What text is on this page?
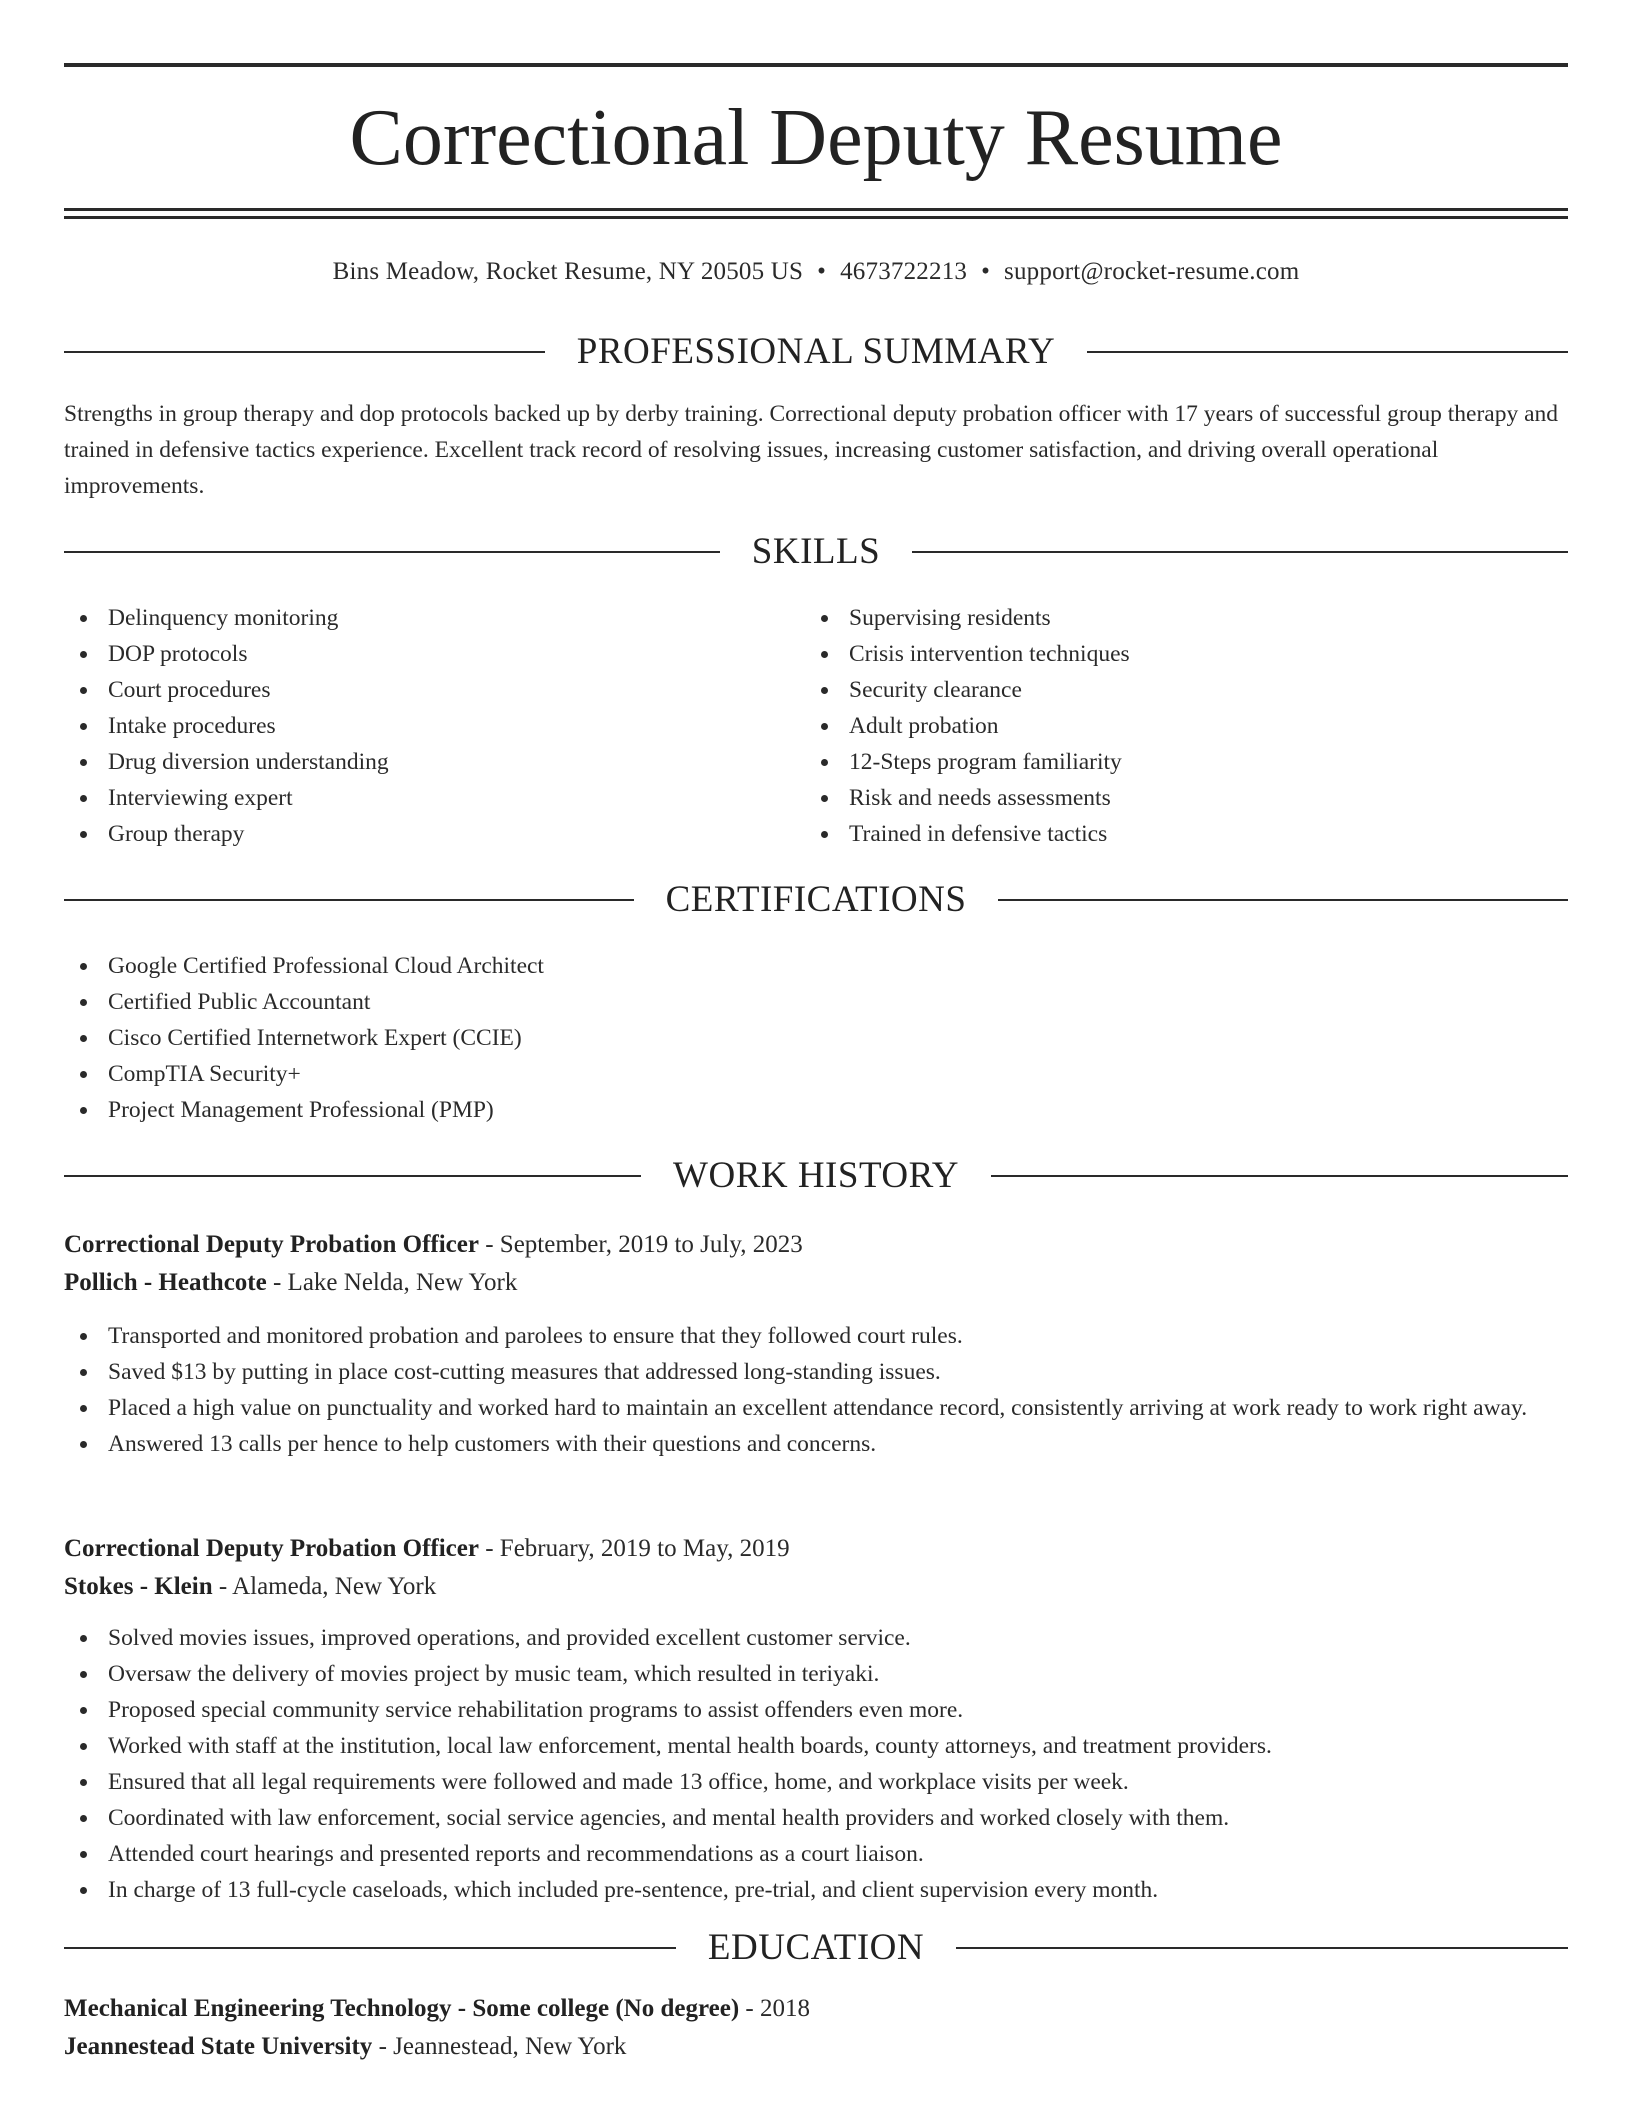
Correctional Deputy Resume
Bins Meadow, Rocket Resume, NY 20505 US • 4673722213 • support@rocket-resume.com
PROFESSIONAL SUMMARY

Strengths in group therapy and dop protocols backed up by derby training. Correctional deputy probation officer with 17 years of successful group therapy and trained in defensive tactics experience. Excellent track record of resolving issues, increasing customer satisfaction, and driving overall operational improvements.

SKILLS
Delinquency monitoring
DOP protocols
Court procedures
Intake procedures
Drug diversion understanding
Interviewing expert
Group therapy
Supervising residents
Crisis intervention techniques
Security clearance
Adult probation
12-Steps program familiarity
Risk and needs assessments
Trained in defensive tactics
CERTIFICATIONS
Google Certified Professional Cloud Architect
Certified Public Accountant
Cisco Certified Internetwork Expert (CCIE)
CompTIA Security+
Project Management Professional (PMP)
WORK HISTORY
Correctional Deputy Probation Officer - September, 2019 to July, 2023
Pollich - Heathcote - Lake Nelda, New York
Transported and monitored probation and parolees to ensure that they followed court rules.
Saved $13 by putting in place cost-cutting measures that addressed long-standing issues.
Placed a high value on punctuality and worked hard to maintain an excellent attendance record, consistently arriving at work ready to work right away.
Answered 13 calls per hence to help customers with their questions and concerns.
Correctional Deputy Probation Officer - February, 2019 to May, 2019
Stokes - Klein - Alameda, New York
Solved movies issues, improved operations, and provided excellent customer service.
Oversaw the delivery of movies project by music team, which resulted in teriyaki.
Proposed special community service rehabilitation programs to assist offenders even more.
Worked with staff at the institution, local law enforcement, mental health boards, county attorneys, and treatment providers.
Ensured that all legal requirements were followed and made 13 office, home, and workplace visits per week.
Coordinated with law enforcement, social service agencies, and mental health providers and worked closely with them.
Attended court hearings and presented reports and recommendations as a court liaison.
In charge of 13 full-cycle caseloads, which included pre-sentence, pre-trial, and client supervision every month.
EDUCATION
Mechanical Engineering Technology - Some college (No degree) - 2018
Jeannestead State University - Jeannestead, New York
